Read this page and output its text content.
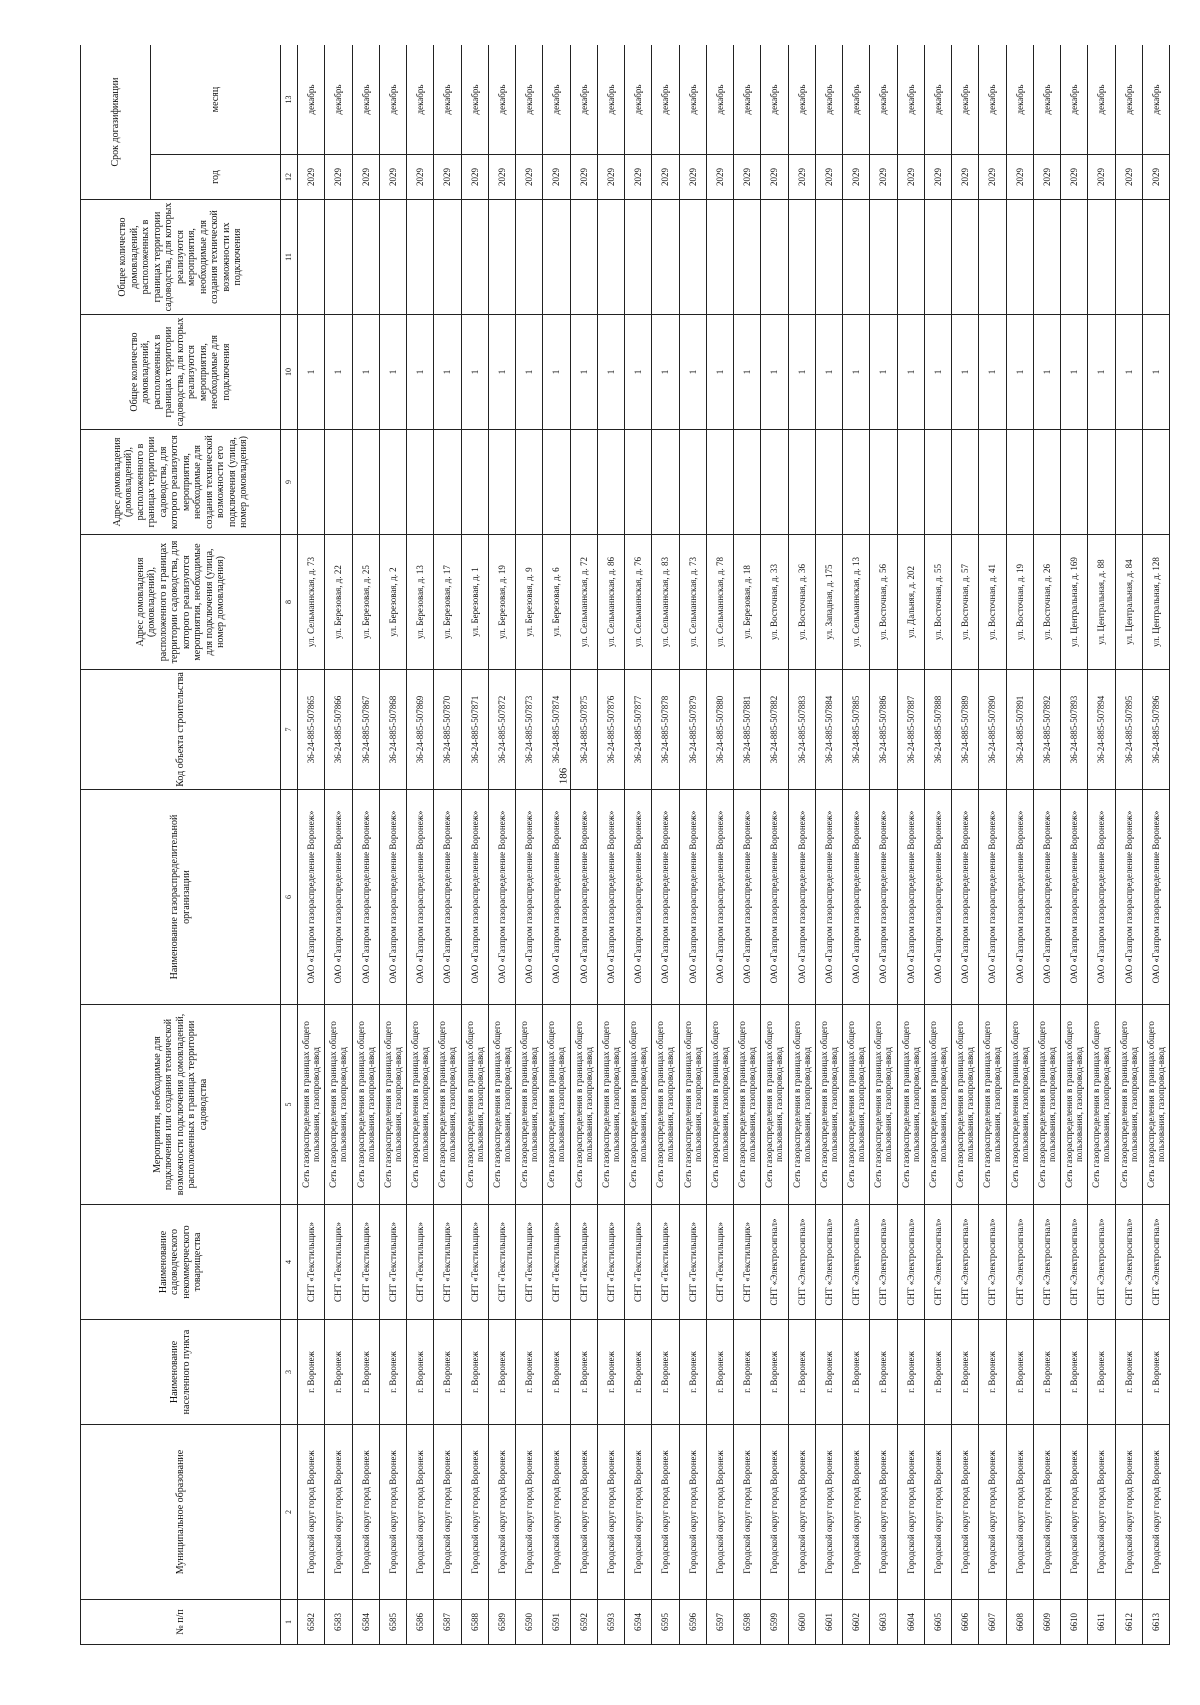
186
№ п/п	Муниципальное образование	Наименование населенного пункта	Наименование садоводческого некоммерческого товарищества	Мероприятия, необходимые для подключения или создания технической возможности подключения домовладений, расположенных в границах территории садоводства	Наименование газораспределительной организации	Код объекта строительства	Адрес домовладения (домовладений), расположенного в границах территории садоводства, для которого реализуются мероприятия, необходимые для подключения (улица, номер домовладения)	Адрес домовладения (домовладений), расположенного в границах территории садоводства, для которого реализуются мероприятия, необходимые для создания технической возможности его подключения (улица, номер домовладения)	Общее количество домовладений, расположенных в границах территории садоводства, для которых реализуются мероприятия, необходимые для подключения	Общее количество домовладений, расположенных в границах территории садоводства, для которых реализуются мероприятия, необходимые для создания технической возможности их подключения	Срок догазификации	
											год	месяц
1	2	3	4	5	6	7	8	9	10	11	12	13
6582	Городской округ город Воронеж	г. Воронеж	СНТ «Текстильщик»	Сеть газораспределения в границах общего пользования, газопровод-ввод	ОАО «Газпром газораспределение Воронеж»	36-24-885-507865	ул. Сельманнская, д. 73		1		2029	декабрь
6583	Городской округ город Воронеж	г. Воронеж	СНТ «Текстильщик»	Сеть газораспределения в границах общего пользования, газопровод-ввод	ОАО «Газпром газораспределение Воронеж»	36-24-885-507866	ул. Березовая, д. 22		1		2029	декабрь
6584	Городской округ город Воронеж	г. Воронеж	СНТ «Текстильщик»	Сеть газораспределения в границах общего пользования, газопровод-ввод	ОАО «Газпром газораспределение Воронеж»	36-24-885-507867	ул. Березовая, д. 25		1		2029	декабрь
6585	Городской округ город Воронеж	г. Воронеж	СНТ «Текстильщик»	Сеть газораспределения в границах общего пользования, газопровод-ввод	ОАО «Газпром газораспределение Воронеж»	36-24-885-507868	ул. Березовая, д. 2		1		2029	декабрь
6586	Городской округ город Воронеж	г. Воронеж	СНТ «Текстильщик»	Сеть газораспределения в границах общего пользования, газопровод-ввод	ОАО «Газпром газораспределение Воронеж»	36-24-885-507869	ул. Березовая, д. 13		1		2029	декабрь
6587	Городской округ город Воронеж	г. Воронеж	СНТ «Текстильщик»	Сеть газораспределения в границах общего пользования, газопровод-ввод	ОАО «Газпром газораспределение Воронеж»	36-24-885-507870	ул. Березовая, д. 17		1		2029	декабрь
6588	Городской округ город Воронеж	г. Воронеж	СНТ «Текстильщик»	Сеть газораспределения в границах общего пользования, газопровод-ввод	ОАО «Газпром газораспределение Воронеж»	36-24-885-507871	ул. Березовая, д. 1		1		2029	декабрь
6589	Городской округ город Воронеж	г. Воронеж	СНТ «Текстильщик»	Сеть газораспределения в границах общего пользования, газопровод-ввод	ОАО «Газпром газораспределение Воронеж»	36-24-885-507872	ул. Березовая, д. 19		1		2029	декабрь
6590	Городской округ город Воронеж	г. Воронеж	СНТ «Текстильщик»	Сеть газораспределения в границах общего пользования, газопровод-ввод	ОАО «Газпром газораспределение Воронеж»	36-24-885-507873	ул. Березовая, д. 9		1		2029	декабрь
6591	Городской округ город Воронеж	г. Воронеж	СНТ «Текстильщик»	Сеть газораспределения в границах общего пользования, газопровод-ввод	ОАО «Газпром газораспределение Воронеж»	36-24-885-507874	ул. Березовая, д. 6		1		2029	декабрь
6592	Городской округ город Воронеж	г. Воронеж	СНТ «Текстильщик»	Сеть газораспределения в границах общего пользования, газопровод-ввод	ОАО «Газпром газораспределение Воронеж»	36-24-885-507875	ул. Сельманнская, д. 72		1		2029	декабрь
6593	Городской округ город Воронеж	г. Воронеж	СНТ «Текстильщик»	Сеть газораспределения в границах общего пользования, газопровод-ввод	ОАО «Газпром газораспределение Воронеж»	36-24-885-507876	ул. Сельманнская, д. 86		1		2029	декабрь
6594	Городской округ город Воронеж	г. Воронеж	СНТ «Текстильщик»	Сеть газораспределения в границах общего пользования, газопровод-ввод	ОАО «Газпром газораспределение Воронеж»	36-24-885-507877	ул. Сельманнская, д. 76		1		2029	декабрь
6595	Городской округ город Воронеж	г. Воронеж	СНТ «Текстильщик»	Сеть газораспределения в границах общего пользования, газопровод-ввод	ОАО «Газпром газораспределение Воронеж»	36-24-885-507878	ул. Сельманнская, д. 83		1		2029	декабрь
6596	Городской округ город Воронеж	г. Воронеж	СНТ «Текстильщик»	Сеть газораспределения в границах общего пользования, газопровод-ввод	ОАО «Газпром газораспределение Воронеж»	36-24-885-507879	ул. Сельманнская, д. 73		1		2029	декабрь
6597	Городской округ город Воронеж	г. Воронеж	СНТ «Текстильщик»	Сеть газораспределения в границах общего пользования, газопровод-ввод	ОАО «Газпром газораспределение Воронеж»	36-24-885-507880	ул. Сельманнская, д. 78		1		2029	декабрь
6598	Городской округ город Воронеж	г. Воронеж	СНТ «Текстильщик»	Сеть газораспределения в границах общего пользования, газопровод-ввод	ОАО «Газпром газораспределение Воронеж»	36-24-885-507881	ул. Березовая, д. 18		1		2029	декабрь
6599	Городской округ город Воронеж	г. Воронеж	СНТ «Электросигнал»	Сеть газораспределения в границах общего пользования, газопровод-ввод	ОАО «Газпром газораспределение Воронеж»	36-24-885-507882	ул. Восточная, д. 33		1		2029	декабрь
6600	Городской округ город Воронеж	г. Воронеж	СНТ «Электросигнал»	Сеть газораспределения в границах общего пользования, газопровод-ввод	ОАО «Газпром газораспределение Воронеж»	36-24-885-507883	ул. Восточная, д. 36		1		2029	декабрь
6601	Городской округ город Воронеж	г. Воронеж	СНТ «Электросигнал»	Сеть газораспределения в границах общего пользования, газопровод-ввод	ОАО «Газпром газораспределение Воронеж»	36-24-885-507884	ул. Западная, д. 175		1		2029	декабрь
6602	Городской округ город Воронеж	г. Воронеж	СНТ «Электросигнал»	Сеть газораспределения в границах общего пользования, газопровод-ввод	ОАО «Газпром газораспределение Воронеж»	36-24-885-507885	ул. Сельманнская, д. 13		1		2029	декабрь
6603	Городской округ город Воронеж	г. Воронеж	СНТ «Электросигнал»	Сеть газораспределения в границах общего пользования, газопровод-ввод	ОАО «Газпром газораспределение Воронеж»	36-24-885-507886	ул. Восточная, д. 56		1		2029	декабрь
6604	Городской округ город Воронеж	г. Воронеж	СНТ «Электросигнал»	Сеть газораспределения в границах общего пользования, газопровод-ввод	ОАО «Газпром газораспределение Воронеж»	36-24-885-507887	ул. Дальняя, д. 202		1		2029	декабрь
6605	Городской округ город Воронеж	г. Воронеж	СНТ «Электросигнал»	Сеть газораспределения в границах общего пользования, газопровод-ввод	ОАО «Газпром газораспределение Воронеж»	36-24-885-507888	ул. Восточная, д. 55		1		2029	декабрь
6606	Городской округ город Воронеж	г. Воронеж	СНТ «Электросигнал»	Сеть газораспределения в границах общего пользования, газопровод-ввод	ОАО «Газпром газораспределение Воронеж»	36-24-885-507889	ул. Восточная, д. 57		1		2029	декабрь
6607	Городской округ город Воронеж	г. Воронеж	СНТ «Электросигнал»	Сеть газораспределения в границах общего пользования, газопровод-ввод	ОАО «Газпром газораспределение Воронеж»	36-24-885-507890	ул. Восточная, д. 41		1		2029	декабрь
6608	Городской округ город Воронеж	г. Воронеж	СНТ «Электросигнал»	Сеть газораспределения в границах общего пользования, газопровод-ввод	ОАО «Газпром газораспределение Воронеж»	36-24-885-507891	ул. Восточная, д. 19		1		2029	декабрь
6609	Городской округ город Воронеж	г. Воронеж	СНТ «Электросигнал»	Сеть газораспределения в границах общего пользования, газопровод-ввод	ОАО «Газпром газораспределение Воронеж»	36-24-885-507892	ул. Восточная, д. 26		1		2029	декабрь
6610	Городской округ город Воронеж	г. Воронеж	СНТ «Электросигнал»	Сеть газораспределения в границах общего пользования, газопровод-ввод	ОАО «Газпром газораспределение Воронеж»	36-24-885-507893	ул. Центральная, д. 169		1		2029	декабрь
6611	Городской округ город Воронеж	г. Воронеж	СНТ «Электросигнал»	Сеть газораспределения в границах общего пользования, газопровод-ввод	ОАО «Газпром газораспределение Воронеж»	36-24-885-507894	ул. Центральная, д. 88		1		2029	декабрь
6612	Городской округ город Воронеж	г. Воронеж	СНТ «Электросигнал»	Сеть газораспределения в границах общего пользования, газопровод-ввод	ОАО «Газпром газораспределение Воронеж»	36-24-885-507895	ул. Центральная, д. 84		1		2029	декабрь
6613	Городской округ город Воронеж	г. Воронеж	СНТ «Электросигнал»	Сеть газораспределения в границах общего пользования, газопровод-ввод	ОАО «Газпром газораспределение Воронеж»	36-24-885-507896	ул. Центральная, д. 128		1		2029	декабрь
